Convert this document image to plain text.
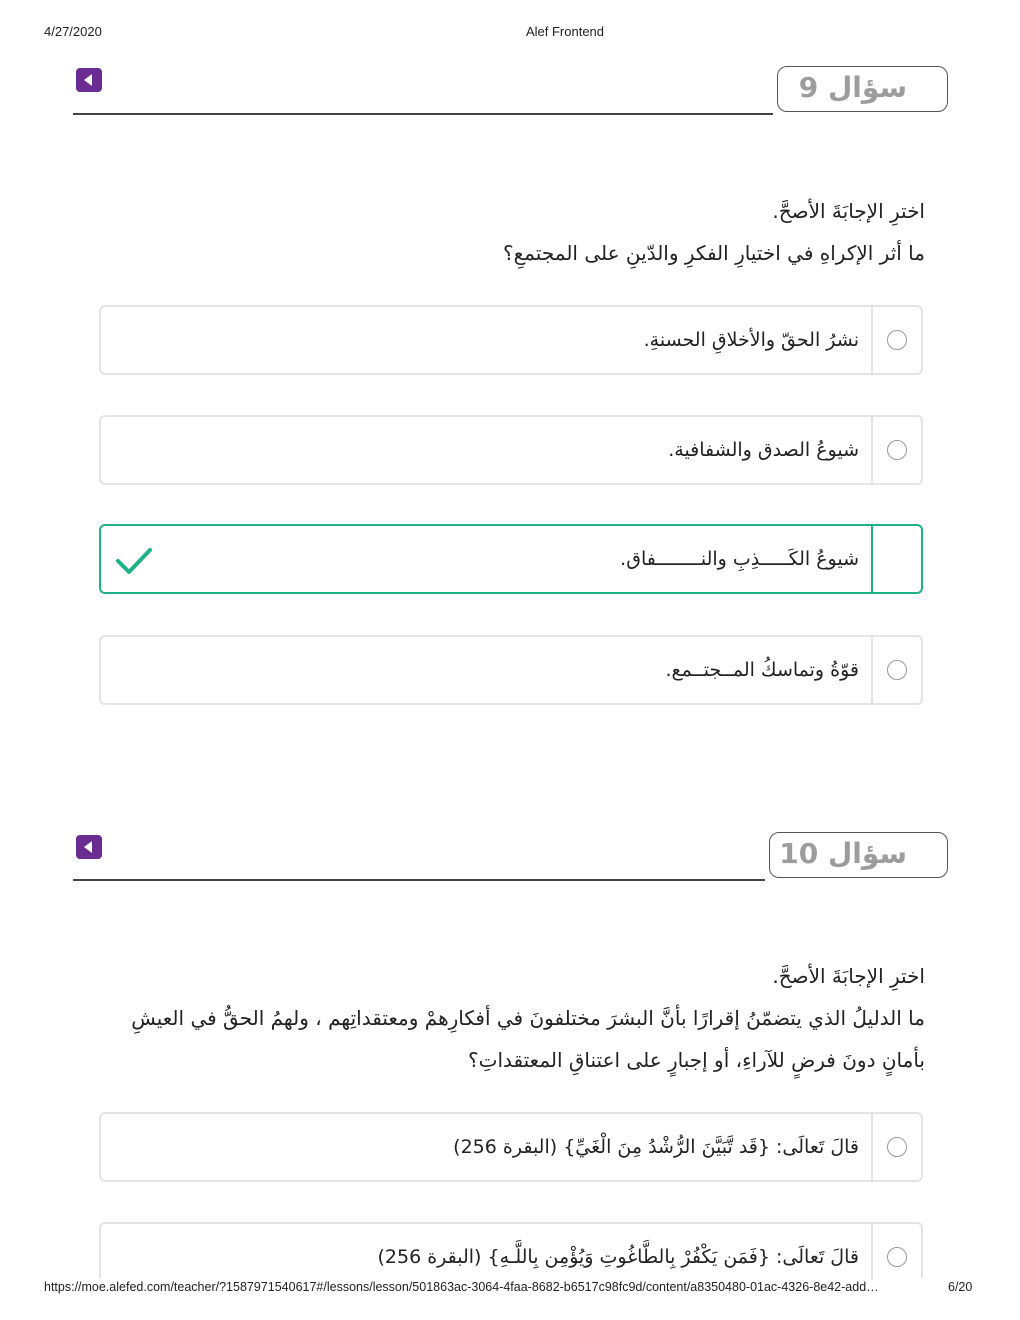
4/27/2020	Alef Frontend
سؤال 9
اخترِ الإجابَةَ الأصحَّ.
ما أثر الإكراهِ في اختيارِ الفكرِ والدّينِ على المجتمعِ؟
نشرُ الحقّ والأخلاقِ الحسنةِ.
شيوعُ الصدق والشفافية.
شيوعُ الكَـــــذِبِ والنــــــــفاق.
قوّةُ وتماسكُ المــجتــمع.
سؤال 10
اخترِ الإجابَةَ الأصحَّ.
ما الدليلُ الذي يتضمّنُ إقرارًا بأنَّ البشرَ مختلفونَ في أفكارِهمْ ومعتقداتِهم ، ولهمُ الحقُّ في العيشِ
بأمانٍ دونَ فرضٍ للآراءِ، أو إجبارٍ على اعتناقِ المعتقداتِ؟
قالَ تَعالَى: {قَد تَّبَيَّنَ الرُّشْدُ مِنَ الْغَيِّ} (البقرة 256)
قالَ تَعالَى: {فَمَن يَكْفُرْ بِالطَّاغُوتِ وَيُؤْمِن بِاللَّـهِ} (البقرة 256)
https://moe.alefed.com/teacher/?1587971540617#/lessons/lesson/501863ac-3064-4faa-8682-b6517c98fc9d/content/a8350480-01ac-4326-8e42-add…	6/20
